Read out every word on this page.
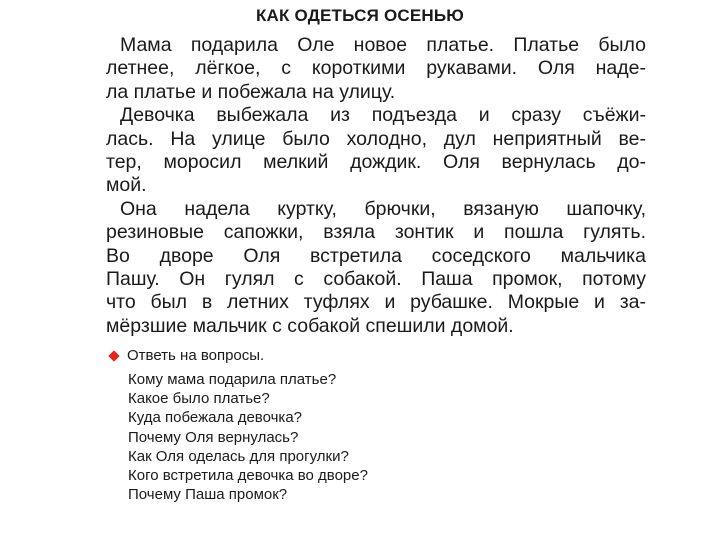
КАК ОДЕТЬСЯ ОСЕНЬЮ
Мама подарила Оле новое платье. Платье было
летнее, лёгкое, с короткими рукавами. Оля наде-
ла платье и побежала на улицу.
Девочка выбежала из подъезда и сразу съёжи-
лась. На улице было холодно, дул неприятный ве-
тер, моросил мелкий дождик. Оля вернулась до-
мой.
Она надела куртку, брючки, вязаную шапочку,
резиновые сапожки, взяла зонтик и пошла гулять.
Во дворе Оля встретила соседского мальчика
Пашу. Он гулял с собакой. Паша промок, потому
что был в летних туфлях и рубашке. Мокрые и за-
мёрзшие мальчик с собакой спешили домой.
Ответь на вопросы.
Кому мама подарила платье?
Какое было платье?
Куда побежала девочка?
Почему Оля вернулась?
Как Оля оделась для прогулки?
Кого встретила девочка во дворе?
Почему Паша промок?
